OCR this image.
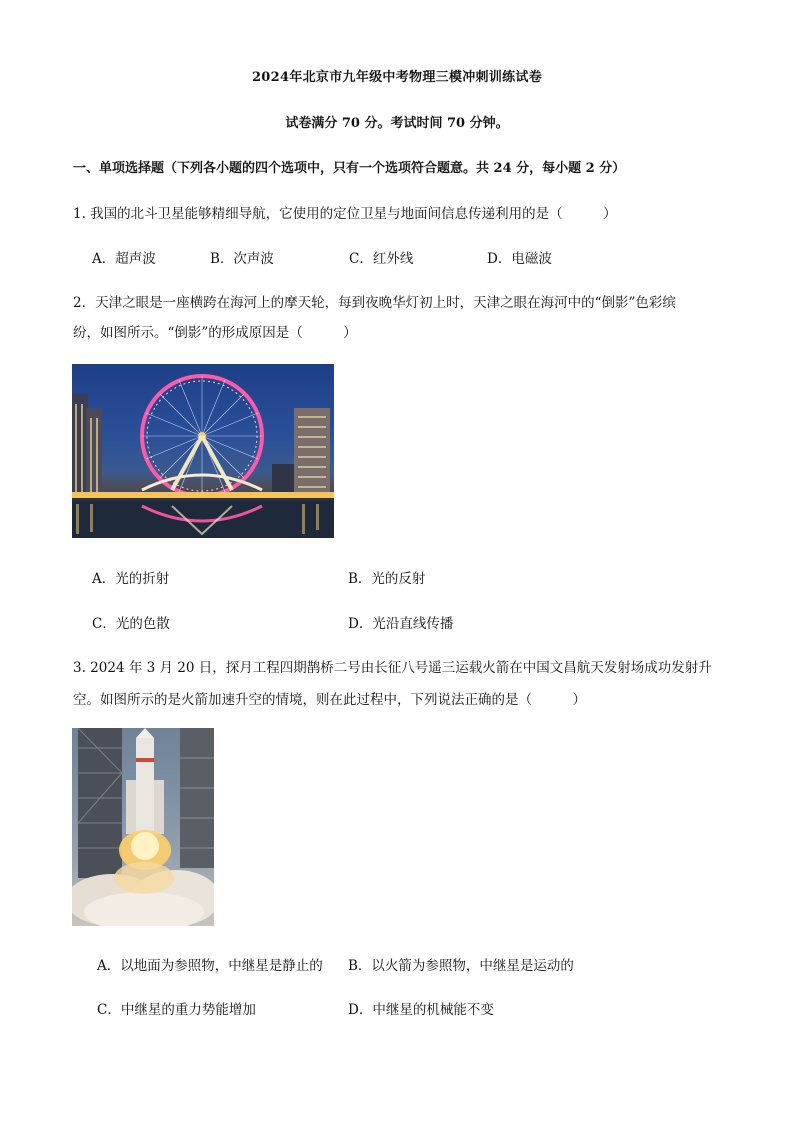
2024年北京市九年级中考物理三模冲刺训练试卷
试卷满分 70 分。考试时间 70 分钟。
一、单项选择题（下列各小题的四个选项中，只有一个选项符合题意。共 24 分，每小题 2 分）
1. 我国的北斗卫星能够精细导航，它使用的定位卫星与地面间信息传递利用的是（　　　）
A．超声波	B．次声波	C．红外线	D．电磁波
2．天津之眼是一座横跨在海河上的摩天轮，每到夜晚华灯初上时，天津之眼在海河中的“倒影”色彩缤
纷，如图所示。“倒影”的形成原因是（　　　）
A．光的折射	B．光的反射
C．光的色散	D．光沿直线传播
3. 2024 年 3 月 20 日，探月工程四期鹊桥二号由长征八号遥三运载火箭在中国文昌航天发射场成功发射升
空。如图所示的是火箭加速升空的情境，则在此过程中，下列说法正确的是（　　　）
A．以地面为参照物，中继星是静止的 B．以火箭为参照物，中继星是运动的
C．中继星的重力势能增加	D．中继星的机械能不变
